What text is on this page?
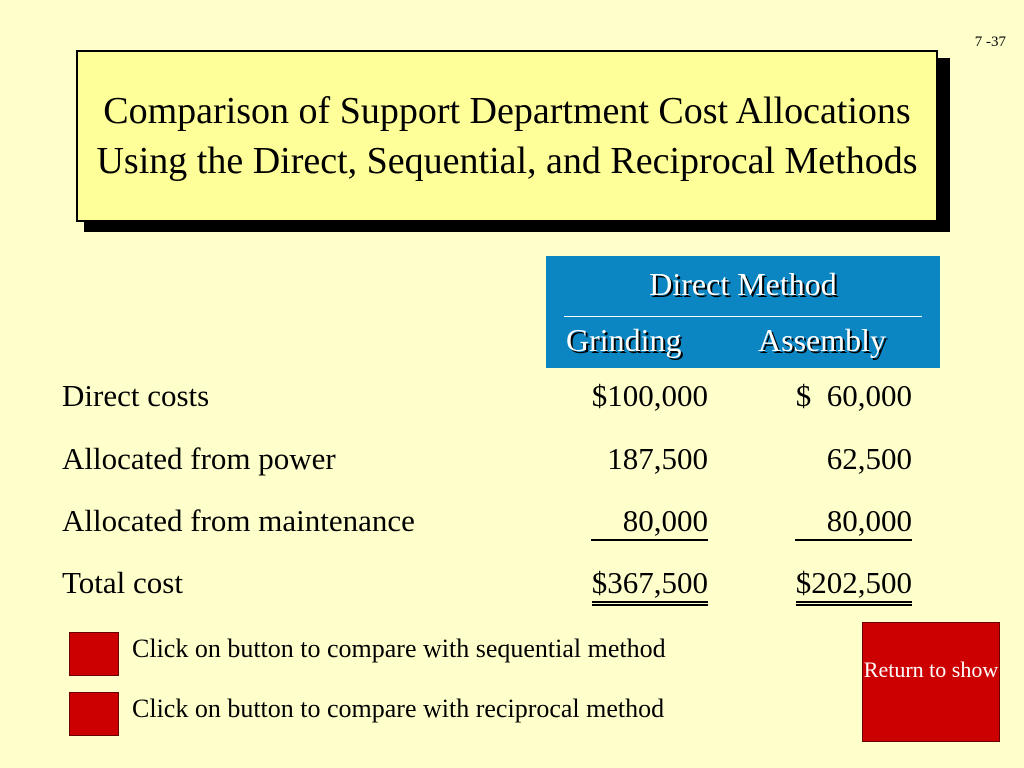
7 -37
Comparison of Support Department Cost Allocations Using the Direct, Sequential, and Reciprocal Methods
Direct Method
Grinding Assembly
Direct costs	$100,000	$  60,000
Allocated from power	187,500	62,500
Allocated from maintenance	80,000	80,000
Total cost	$367,500	$202,500
Click on button to compare with sequential method
Click on button to compare with reciprocal method
Return to show
